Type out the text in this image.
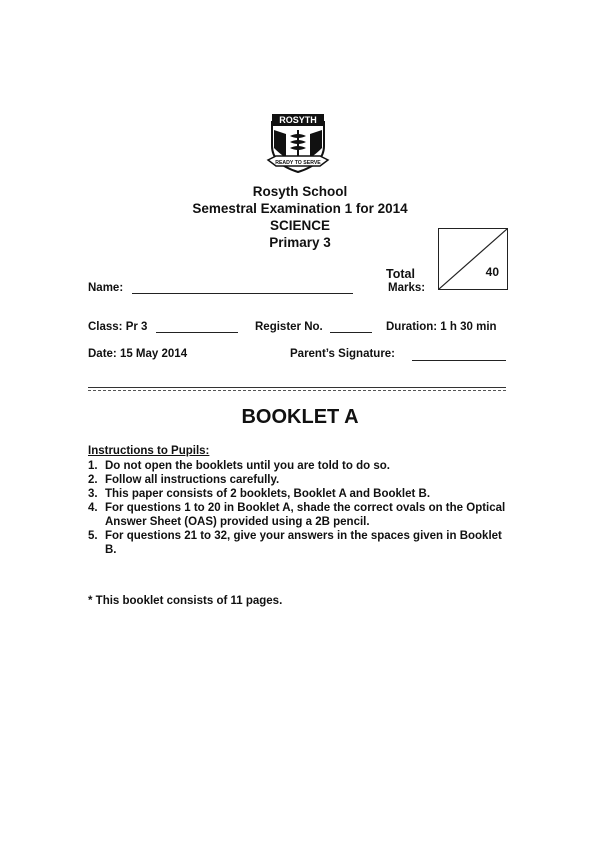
ROSYTH
READY TO SERVE
Rosyth School
Semestral Examination 1 for 2014
SCIENCE
Primary 3
Total
Marks:
40
Name:
Class: Pr 3	Register No.	Duration: 1 h 30 min
Date: 15 May 2014	Parent’s Signature:
BOOKLET A
Instructions to Pupils:
1. Do not open the booklets until you are told to do so.
2. Follow all instructions carefully.
3. This paper consists of 2 booklets, Booklet A and Booklet B.
4. For questions 1 to 20 in Booklet A, shade the correct ovals on the Optical Answer Sheet (OAS) provided using a 2B pencil.
5. For questions 21 to 32, give your answers in the spaces given in Booklet B.
* This booklet consists of 11 pages.
